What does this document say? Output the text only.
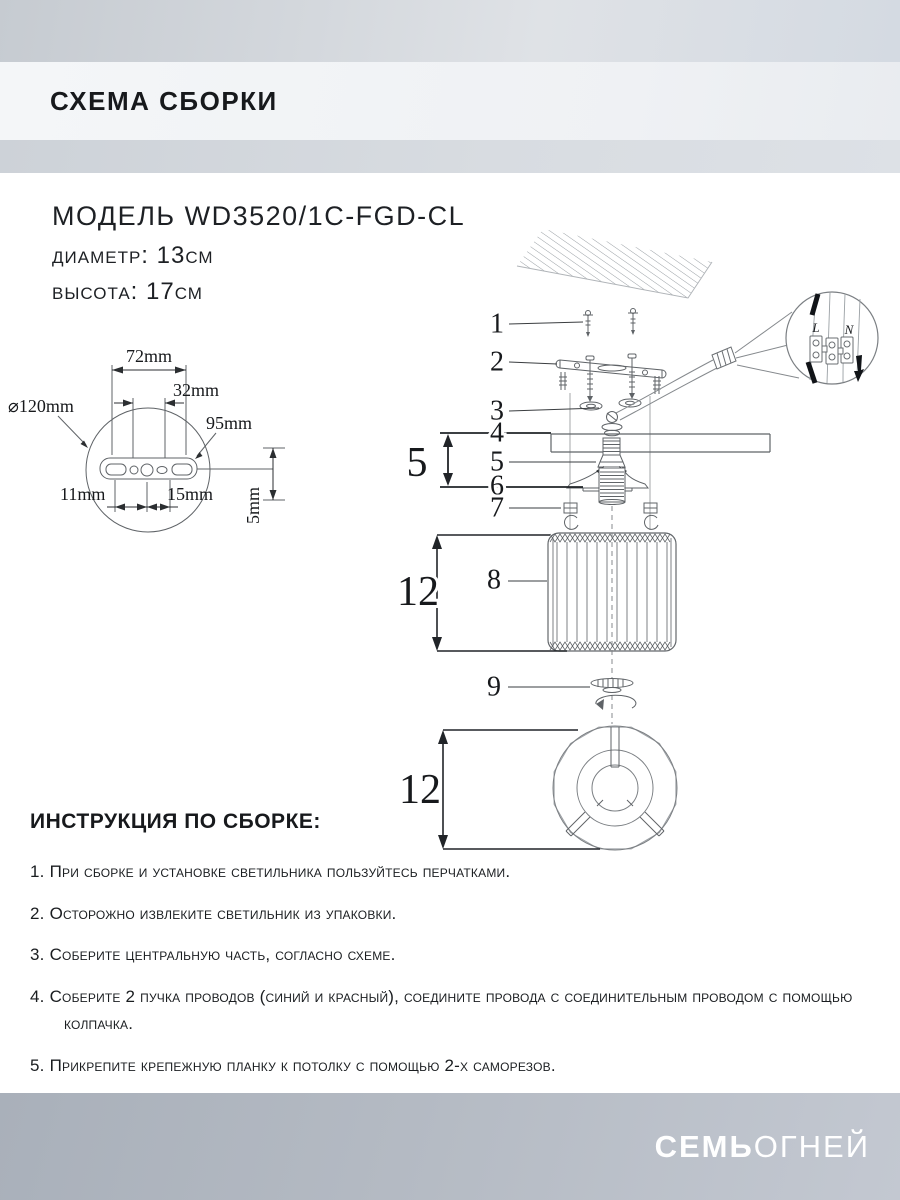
СХЕМА СБОРКИ

МОДЕЛЬ WD3520/1C-FGD-CL

диаметр: 13см

высота: 17см

72mm
32mm
⌀120mm
95mm
11mm	15mm 5mm
L N
1
2
3
4
5
6
7
8
9
5
12
12
ИНСТРУКЦИЯ ПО СБОРКЕ:
1. При сборке и установке светильника пользуйтесь перчатками.
2. Осторожно извлеките светильник из упаковки.
3. Соберите центральную часть, согласно схеме.
4. Соберите 2 пучка проводов (синий и красный), соедините провода с соединительным проводом с помощью колпачка.
5. Прикрепите крепежную планку к потолку с помощью 2-х саморезов.
СЕМЬОГНЕЙ
